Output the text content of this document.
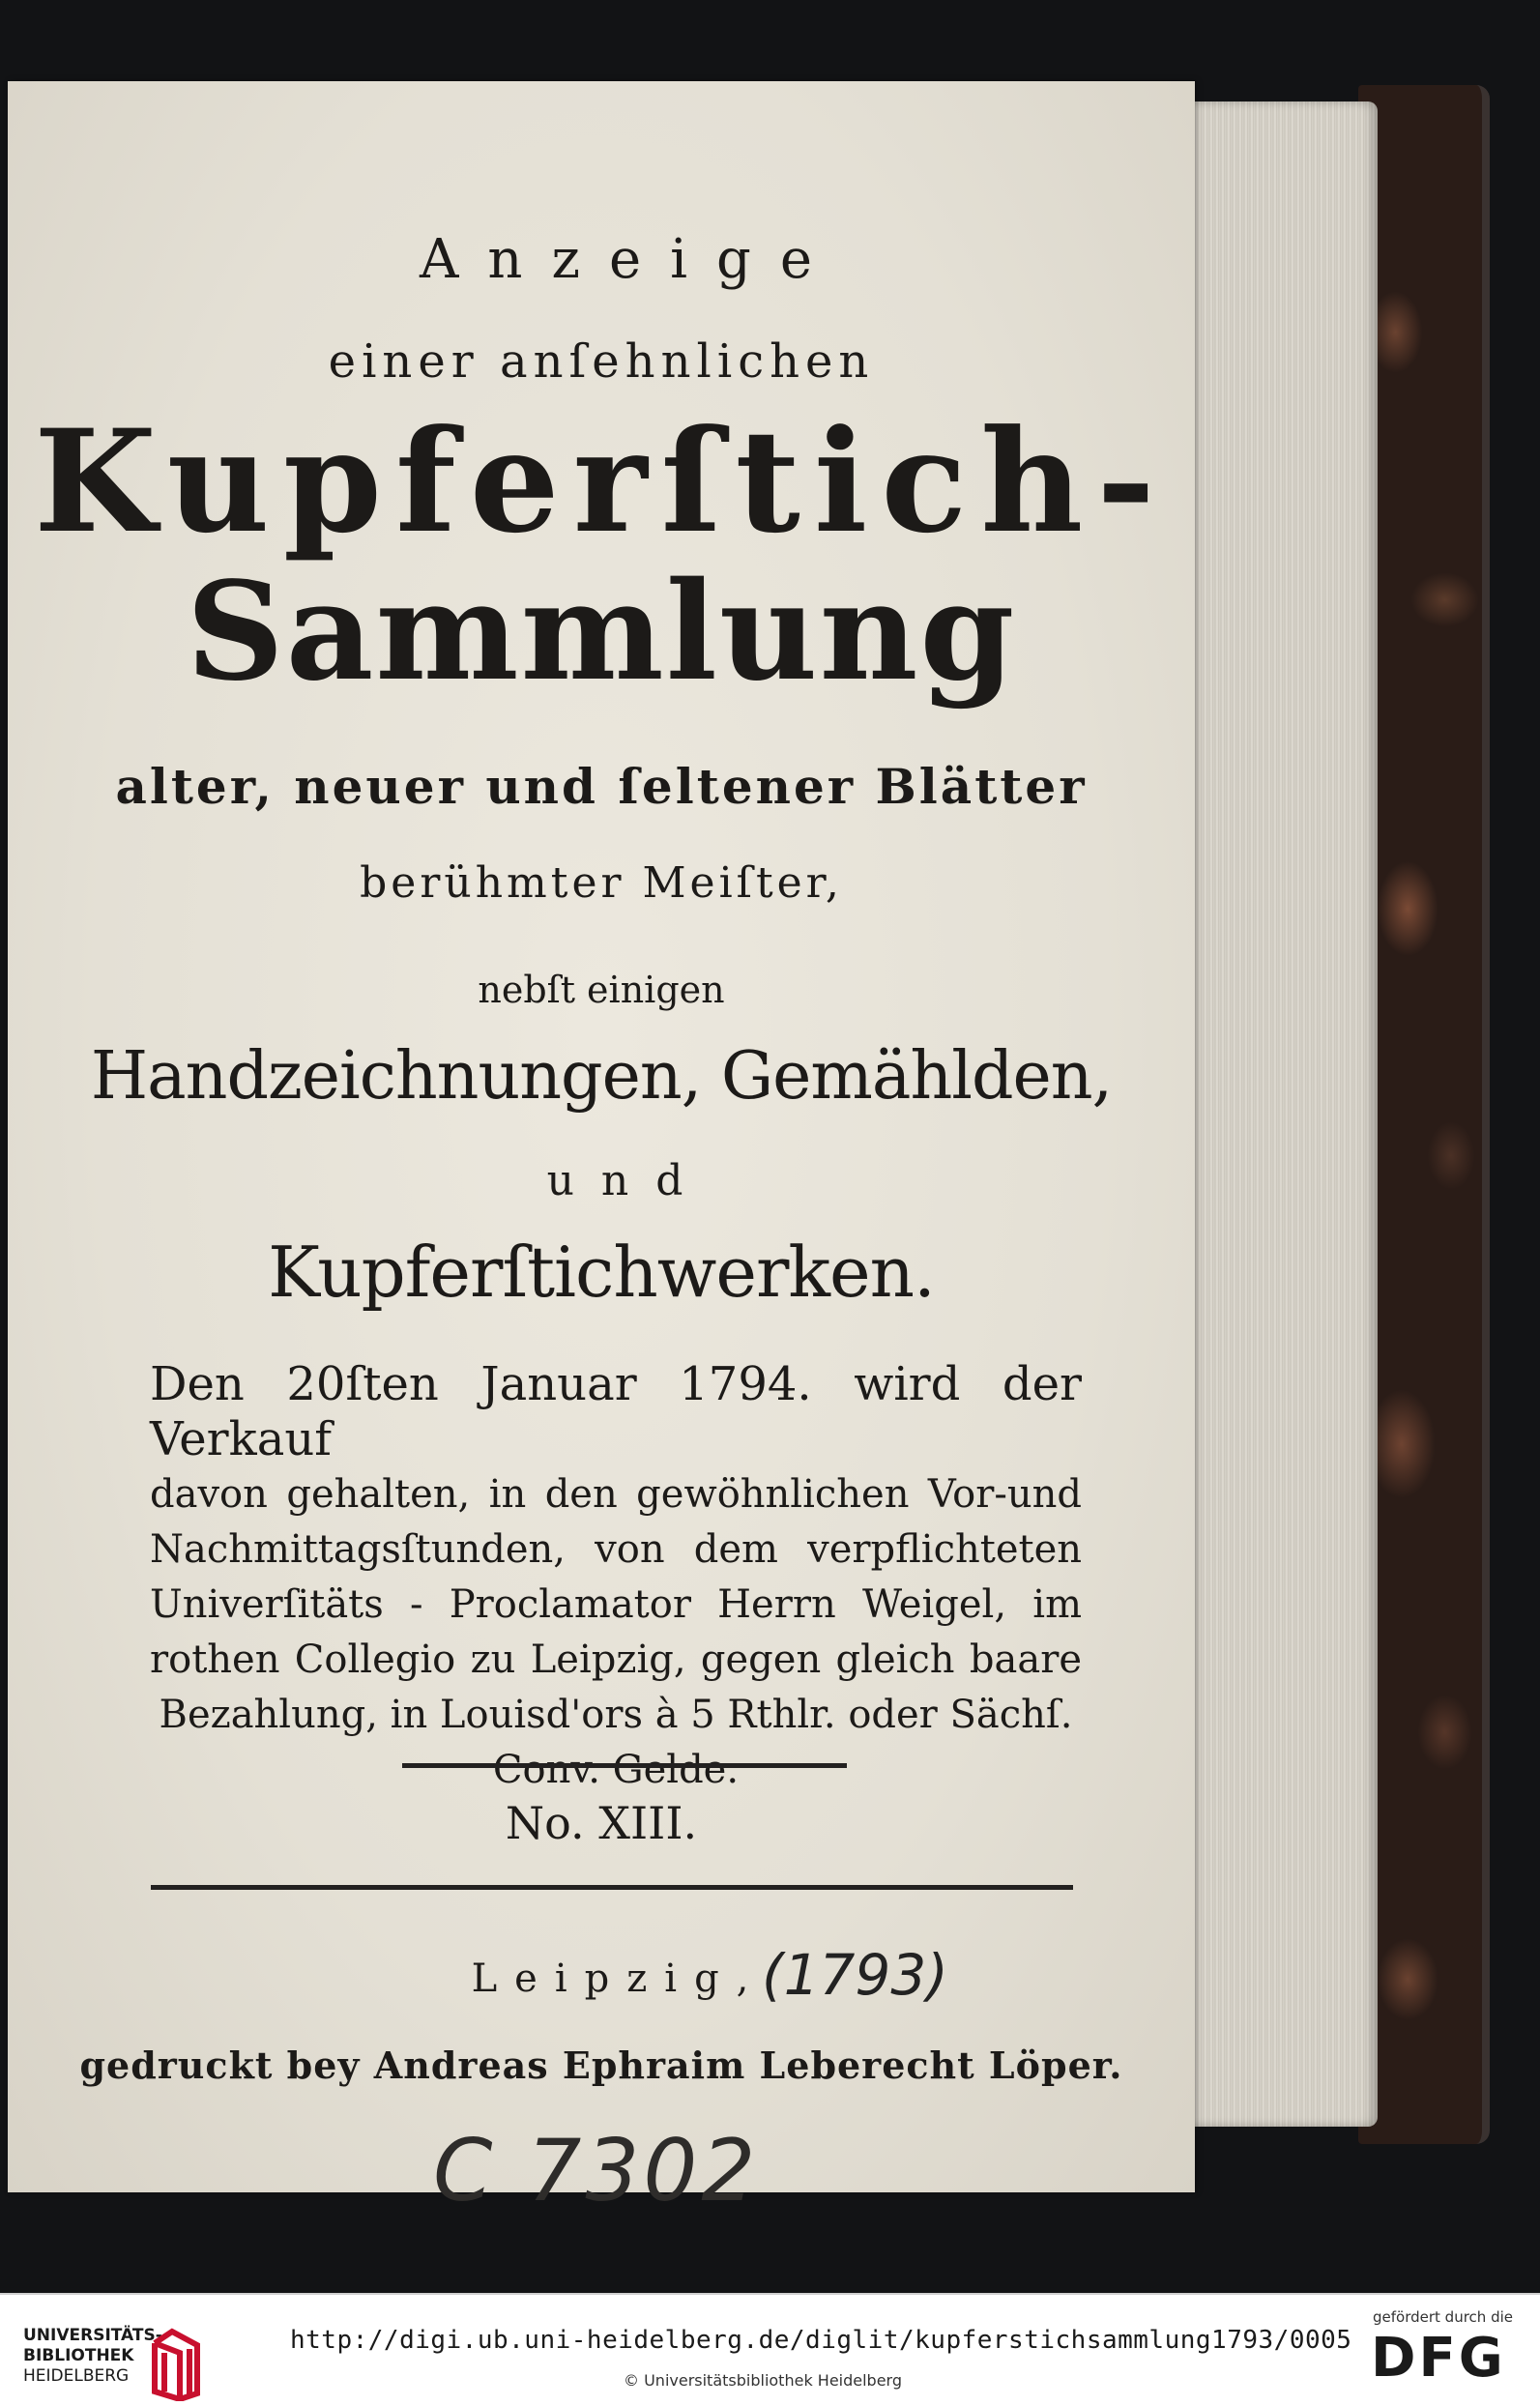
Anzeige
einer anſehnlichen
Kupferſtich-
Sammlung
alter, neuer und ſeltener Blätter
berühmter Meiſter,
nebſt einigen
Handzeichnungen, Gemählden,
und
Kupferſtichwerken.
Den 20ſten Januar 1794. wird der Verkauf
davon gehalten, in den gewöhnlichen Vor-und
Nachmittagsſtunden, von dem verpflichteten
Univerſitäts - Proclamator Herrn Weigel, im
rothen Collegio zu Leipzig, gegen gleich baare
Bezahlung, in Louisd'ors à 5 Rthlr. oder Sächſ.
Conv. Gelde.
No. XIII.
Leipzig,
(1793)
gedruckt bey Andreas Ephraim Leberecht Löper.
C 7302
UNIVERSITÄTS-
BIBLIOTHEK
HEIDELBERG
http://digi.ub.uni-heidelberg.de/diglit/kupferstichsammlung1793/0005
© Universitätsbibliothek Heidelberg
gefördert durch die
DFG
